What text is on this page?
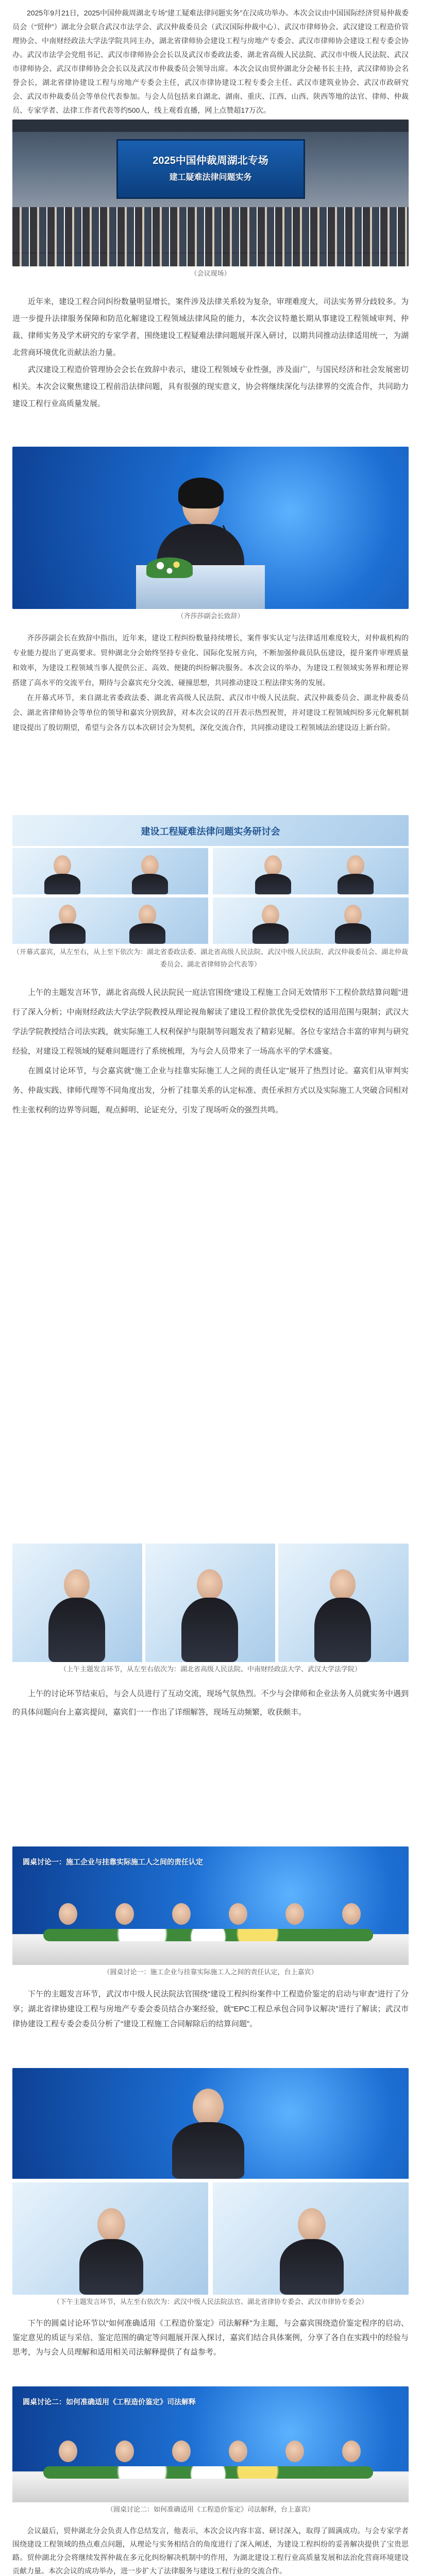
2025年9月21日，2025中国仲裁周湖北专场“建工疑难法律问题实务”在汉成功举办。本次会议由中国国际经济贸易仲裁委员会（“贸仲”）湖北分会联合武汉市法学会、武汉仲裁委员会（武汉国际仲裁中心）、武汉市律师协会、武汉建设工程造价管理协会、中南财经政法大学法学院共同主办，湖北省律师协会建设工程与房地产专委会、武汉市律师协会建设工程专委会协办。武汉市法学会党组书记、武汉市律师协会会长以及武汉市委政法委、湖北省高级人民法院、武汉市中级人民法院、武汉市律师协会、武汉市律师协会会长以及武汉市仲裁委员会领导出席。本次会议由贸仲湖北分会秘书长主持，武汉律师协会名誉会长，湖北省律协建设工程与房地产专委会主任，武汉市律协建设工程专委会主任、武汉市建筑业协会、武汉市政研究会、武汉市仲裁委员会等单位代表参加。与会人员包括来自湖北、湖南、重庆、江西、山西、陕西等地的法官、律师、仲裁员、专家学者、法律工作者代表等约500人，线上观看直播，网上点赞超17万次。

2025中国仲裁周湖北专场
建工疑难法律问题实务

（会议现场）

近年来，建设工程合同纠纷数量明显增长，案件涉及法律关系较为复杂，审理难度大，司法实务界分歧较多。为进一步提升法律服务保障和防范化解建设工程领域法律风险的能力，本次会议特邀长期从事建设工程领域审判、仲裁、律师实务及学术研究的专家学者，围绕建设工程疑难法律问题展开深入研讨，以期共同推动法律适用统一，为湖北营商环境优化贡献法治力量。

武汉建设工程造价管理协会会长在致辞中表示，建设工程领域专业性强，涉及面广，与国民经济和社会发展密切相关。本次会议聚焦建设工程前沿法律问题，具有很强的现实意义，协会将继续深化与法律界的交流合作，共同助力建设工程行业高质量发展。

（齐莎莎副会长致辞）

齐莎莎副会长在致辞中指出，近年来，建设工程纠纷数量持续增长，案件事实认定与法律适用难度较大，对仲裁机构的专业能力提出了更高要求。贸仲湖北分会始终坚持专业化、国际化发展方向，不断加强仲裁员队伍建设，提升案件审理质量和效率，为建设工程领域当事人提供公正、高效、便捷的纠纷解决服务。本次会议的举办，为建设工程领域实务界和理论界搭建了高水平的交流平台，期待与会嘉宾充分交流、碰撞思想，共同推动建设工程法律实务的发展。

在开幕式环节，来自湖北省委政法委、湖北省高级人民法院、武汉市中级人民法院、武汉仲裁委员会、湖北仲裁委员会、湖北省律师协会等单位的领导和嘉宾分别致辞，对本次会议的召开表示热烈祝贺，并对建设工程领域纠纷多元化解机制建设提出了殷切期望，希望与会各方以本次研讨会为契机，深化交流合作，共同推动建设工程领域法治建设迈上新台阶。

建设工程疑难法律问题实务研讨会

（开幕式嘉宾，从左至右，从上至下依次为：湖北省委政法委、湖北省高级人民法院、武汉中级人民法院、武汉仲裁委员会、湖北仲裁委员会、湖北省律师协会代表等）

上午的主题发言环节，湖北省高级人民法院民一庭法官围绕“建设工程施工合同无效情形下工程价款结算问题”进行了深入分析；中南财经政法大学法学院教授从理论视角解读了建设工程价款优先受偿权的适用范围与限制；武汉大学法学院教授结合司法实践，就实际施工人权利保护与限制等问题发表了精彩见解。各位专家结合丰富的审判与研究经验，对建设工程领域的疑难问题进行了系统梳理，为与会人员带来了一场高水平的学术盛宴。

在圆桌讨论环节，与会嘉宾就“施工企业与挂靠实际施工人之间的责任认定”展开了热烈讨论。嘉宾们从审判实务、仲裁实践、律师代理等不同角度出发，分析了挂靠关系的认定标准、责任承担方式以及实际施工人突破合同相对性主张权利的边界等问题，观点鲜明、论证充分，引发了现场听众的强烈共鸣。

（上午主题发言环节，从左至右依次为：湖北省高级人民法院、中南财经政法大学、武汉大学法学院）

上午的讨论环节结束后，与会人员进行了互动交流，现场气氛热烈。不少与会律师和企业法务人员就实务中遇到的具体问题向台上嘉宾提问，嘉宾们一一作出了详细解答，现场互动频繁，收获颇丰。

圆桌讨论一：施工企业与挂靠实际施工人之间的责任认定

（圆桌讨论一：施工企业与挂靠实际施工人之间的责任认定，台上嘉宾）

下午的主题发言环节，武汉市中级人民法院法官围绕“建设工程纠纷案件中工程造价鉴定的启动与审查”进行了分享；湖北省律协建设工程与房地产专委会委员结合办案经验，就“EPC工程总承包合同争议解决”进行了解读；武汉市律协建设工程专委会委员分析了“建设工程施工合同解除后的结算问题”。

（下午主题发言环节，从左至右依次为：武汉中级人民法院法官、湖北省律协专委会、武汉市律协专委会）

下午的圆桌讨论环节以“如何准确适用《工程造价鉴定》司法解释”为主题，与会嘉宾围绕造价鉴定程序的启动、鉴定意见的质证与采信、鉴定范围的确定等问题展开深入探讨，嘉宾们结合具体案例，分享了各自在实践中的经验与思考，为与会人员理解和适用相关司法解释提供了有益参考。

圆桌讨论二：如何准确适用《工程造价鉴定》司法解释

（圆桌讨论二：如何准确适用《工程造价鉴定》司法解释，台上嘉宾）

会议最后，贸仲湖北分会负责人作总结发言，他表示，本次会议内容丰富、研讨深入，取得了圆满成功。与会专家学者围绕建设工程领域的热点难点问题，从理论与实务相结合的角度进行了深入阐述，为建设工程纠纷的妥善解决提供了宝贵思路。贸仲湖北分会将继续发挥仲裁在多元化纠纷解决机制中的作用，为湖北建设工程行业高质量发展和法治化营商环境建设贡献力量。本次会议的成功举办，进一步扩大了法律服务与建设工程行业的交流合作。
